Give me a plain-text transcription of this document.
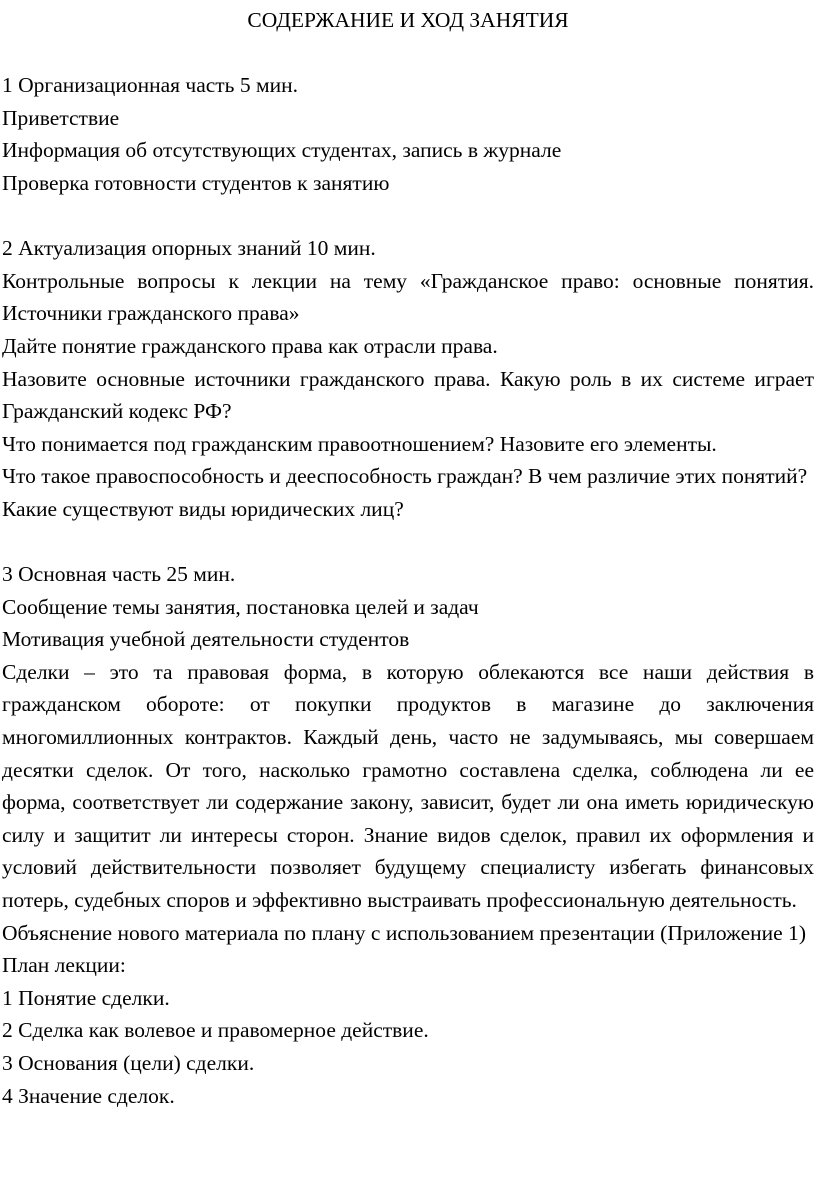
СОДЕРЖАНИЕ И ХОД ЗАНЯТИЯ

1 Организационная часть 5 мин.

Приветствие

Информация об отсутствующих студентах, запись в журнале

Проверка готовности студентов к занятию

2 Актуализация опорных знаний 10 мин.

Контрольные вопросы к лекции на тему «Гражданское право: основные понятия. Источники гражданского права»

Дайте понятие гражданского права как отрасли права.

Назовите основные источники гражданского права. Какую роль в их системе играет Гражданский кодекс РФ?

Что понимается под гражданским правоотношением? Назовите его элементы.

Что такое правоспособность и дееспособность граждан? В чем различие этих понятий?

Какие существуют виды юридических лиц?

3 Основная часть 25 мин.

Сообщение темы занятия, постановка целей и задач

Мотивация учебной деятельности студентов

Сделки – это та правовая форма, в которую облекаются все наши действия в гражданском обороте: от покупки продуктов в магазине до заключения многомиллионных контрактов. Каждый день, часто не задумываясь, мы совершаем десятки сделок. От того, насколько грамотно составлена сделка, соблюдена ли ее форма, соответствует ли содержание закону, зависит, будет ли она иметь юридическую силу и защитит ли интересы сторон. Знание видов сделок, правил их оформления и условий действительности позволяет будущему специалисту избегать финансовых потерь, судебных споров и эффективно выстраивать профессиональную деятельность.

Объяснение нового материала по плану с использованием презентации (Приложение 1)

План лекции:

1 Понятие сделки.

2 Сделка как волевое и правомерное действие.

3 Основания (цели) сделки.

4 Значение сделок.
